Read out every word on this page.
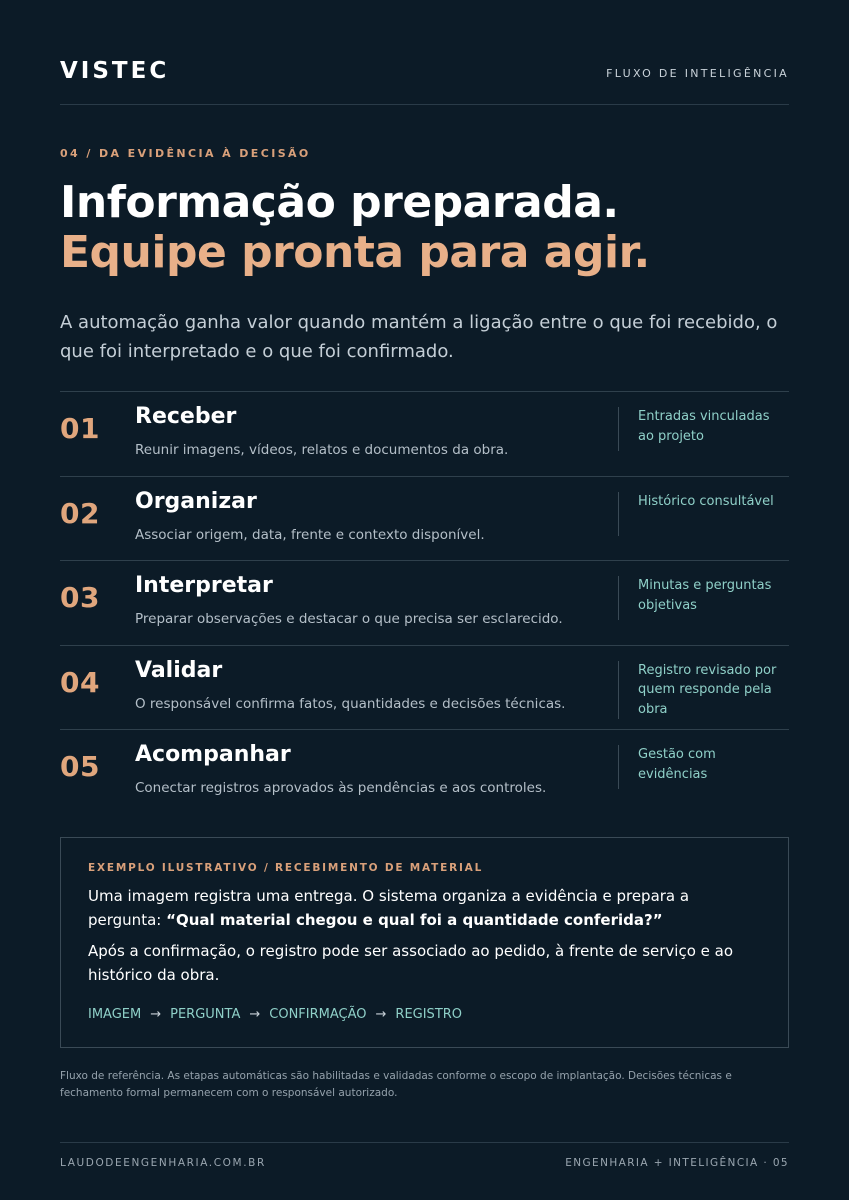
VISTEC	FLUXO DE INTELIGÊNCIA
04 / DA EVIDÊNCIA À DECISÃO
Informação preparada.
Equipe pronta para agir.

A automação ganha valor quando mantém a ligação entre o que foi recebido, o que foi interpretado e o que foi confirmado.

01 Receber
Reunir imagens, vídeos, relatos e documentos da obra.
Entradas vinculadas ao projeto
02 Organizar
Associar origem, data, frente e contexto disponível.
Histórico consultável
03 Interpretar
Preparar observações e destacar o que precisa ser esclarecido.
Minutas e perguntas objetivas
04 Validar
O responsável confirma fatos, quantidades e decisões técnicas.
Registro revisado por quem responde pela obra
05 Acompanhar
Conectar registros aprovados às pendências e aos controles.
Gestão com evidências
EXEMPLO ILUSTRATIVO / RECEBIMENTO DE MATERIAL

Uma imagem registra uma entrega. O sistema organiza a evidência e prepara a pergunta: “Qual material chegou e qual foi a quantidade conferida?”

Após a confirmação, o registro pode ser associado ao pedido, à frente de serviço e ao histórico da obra.

IMAGEM → PERGUNTA → CONFIRMAÇÃO → REGISTRO

Fluxo de referência. As etapas automáticas são habilitadas e validadas conforme o escopo de implantação. Decisões técnicas e fechamento formal permanecem com o responsável autorizado.

LAUDODEENGENHARIA.COM.BR	ENGENHARIA + INTELIGÊNCIA · 05
